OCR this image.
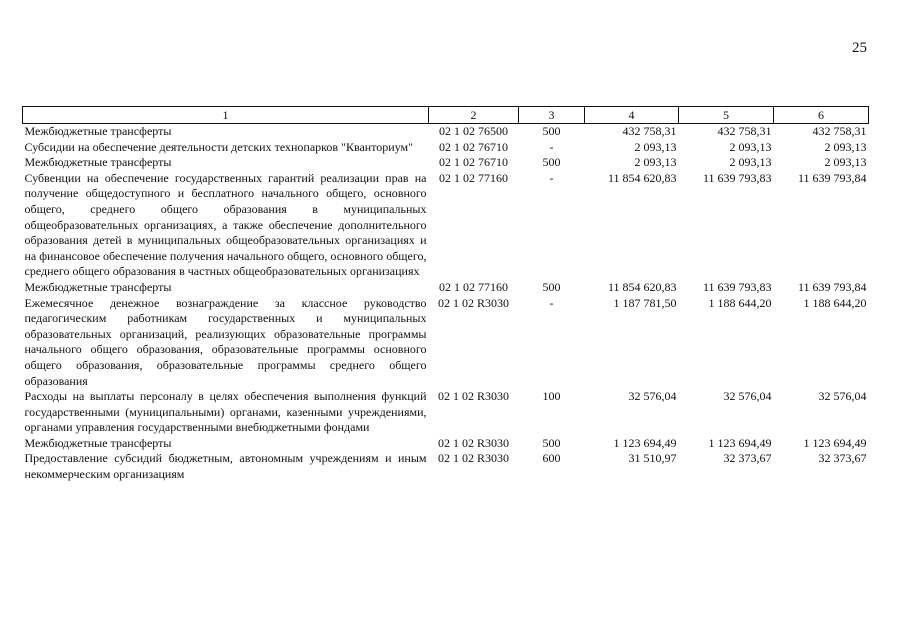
25
1	2	3	4	5	6
Межбюджетные трансферты	02 1 02 76500	500	432 758,31	432 758,31	432 758,31
Субсидии на обеспечение деятельности детских технопарков "Кванториум"	02 1 02 76710	-	2 093,13	2 093,13	2 093,13
Межбюджетные трансферты	02 1 02 76710	500	2 093,13	2 093,13	2 093,13
Субвенции на обеспечение государственных гарантий реализации прав на получение общедоступного и бесплатного начального общего, основного общего, среднего общего образования в муниципальных общеобразовательных организациях, а также обеспечение дополнительного образования детей в муниципальных общеобразовательных организациях и на финансовое обеспечение получения начального общего, основного общего, среднего общего образования в частных общеобразовательных организациях	02 1 02 77160	-	11 854 620,83	11 639 793,83	11 639 793,84
Межбюджетные трансферты	02 1 02 77160	500	11 854 620,83	11 639 793,83	11 639 793,84
Ежемесячное денежное вознаграждение за классное руководство педагогическим работникам государственных и муниципальных образовательных организаций, реализующих образовательные программы начального общего образования, образовательные программы основного общего образования, образовательные программы среднего общего образования	02 1 02 R3030	-	1 187 781,50	1 188 644,20	1 188 644,20
Расходы на выплаты персоналу в целях обеспечения выполнения функций государственными (муниципальными) органами, казенными учреждениями, органами управления государственными внебюджетными фондами	02 1 02 R3030	100	32 576,04	32 576,04	32 576,04
Межбюджетные трансферты	02 1 02 R3030	500	1 123 694,49	1 123 694,49	1 123 694,49
Предоставление субсидий бюджетным, автономным учреждениям и иным некоммерческим организациям	02 1 02 R3030	600	31 510,97	32 373,67	32 373,67
